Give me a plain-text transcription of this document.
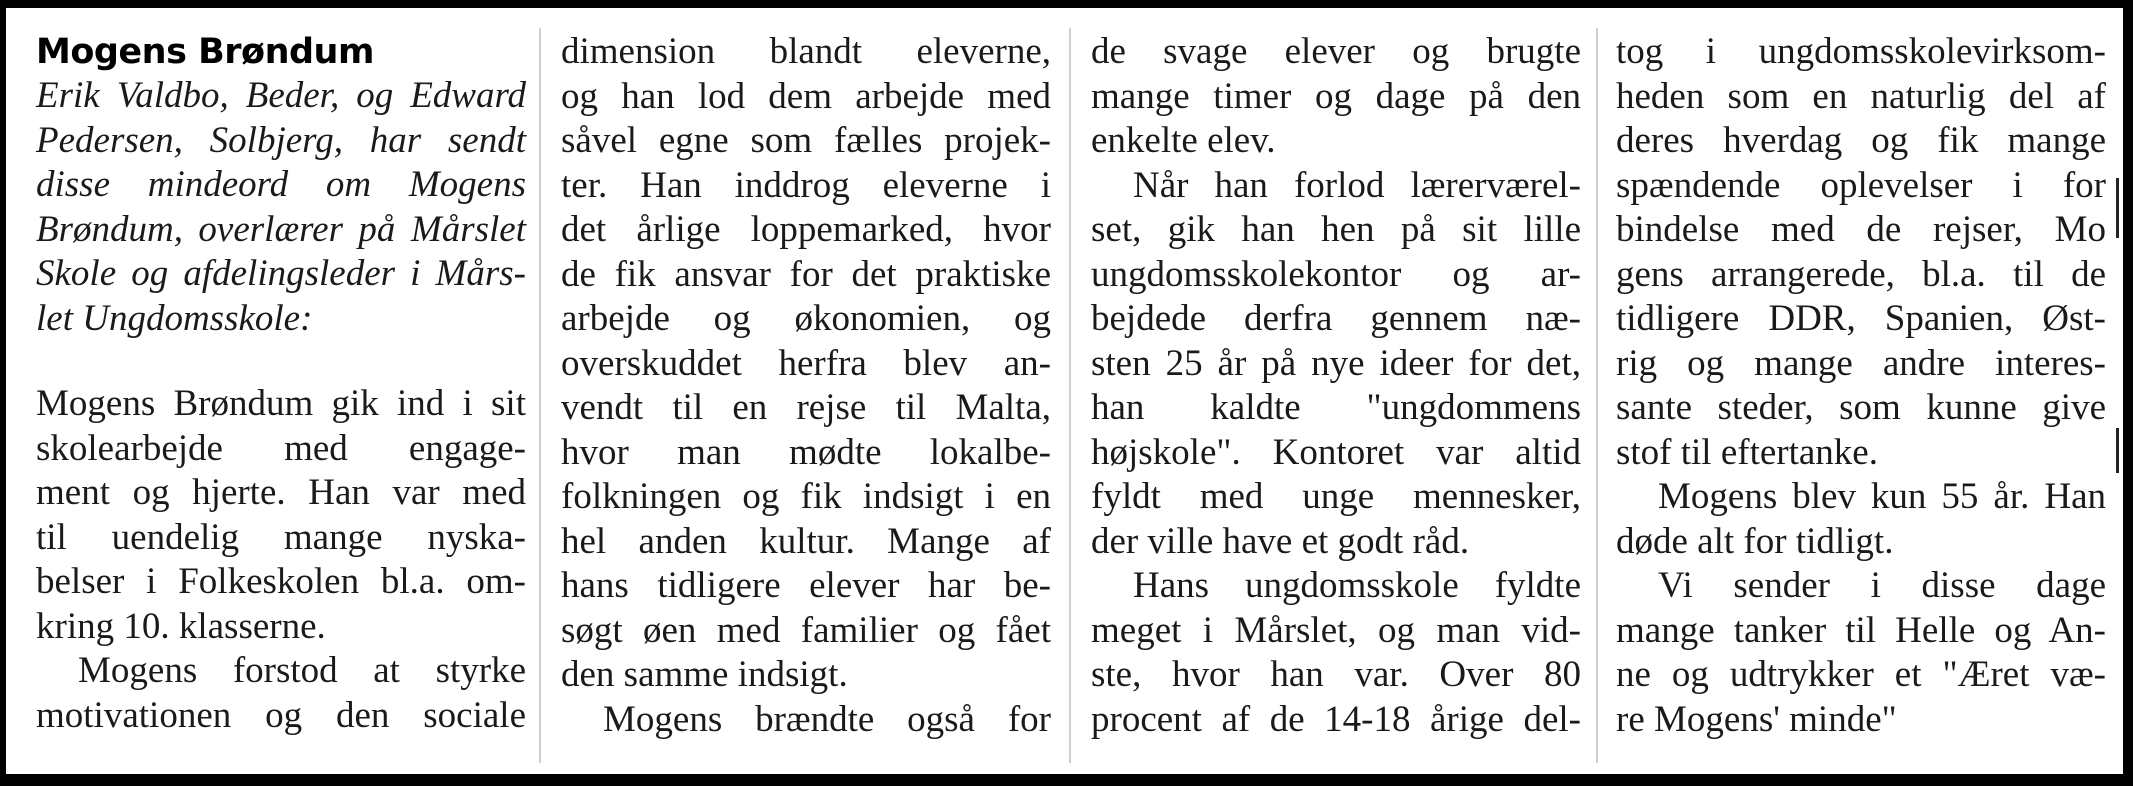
Mogens Brøndum
Erik Valdbo, Beder, og Edward
Pedersen, Solbjerg, har sendt
disse mindeord om Mogens
Brøndum, overlærer på Mårslet
Skole og afdelingsleder i Mårs-
let Ungdomsskole:
Mogens Brøndum gik ind i sit
skolearbejde med engage-
ment og hjerte. Han var med
til uendelig mange nyska-
belser i Folkeskolen bl.a. om-
kring 10. klasserne.
Mogens forstod at styrke
motivationen og den sociale
dimension blandt eleverne,
og han lod dem arbejde med
såvel egne som fælles projek-
ter. Han inddrog eleverne i
det årlige loppemarked, hvor
de fik ansvar for det praktiske
arbejde og økonomien, og
overskuddet herfra blev an-
vendt til en rejse til Malta,
hvor man mødte lokalbe-
folkningen og fik indsigt i en
hel anden kultur. Mange af
hans tidligere elever har be-
søgt øen med familier og fået
den samme indsigt.
Mogens brændte også for
de svage elever og brugte
mange timer og dage på den
enkelte elev.
Når han forlod lærerværel-
set, gik han hen på sit lille
ungdomsskolekontor og ar-
bejdede derfra gennem næ-
sten 25 år på nye ideer for det,
han kaldte "ungdommens
højskole". Kontoret var altid
fyldt med unge mennesker,
der ville have et godt råd.
Hans ungdomsskole fyldte
meget i Mårslet, og man vid-
ste, hvor han var. Over 80
procent af de 14-18 årige del-
tog i ungdomsskolevirksom-
heden som en naturlig del af
deres hverdag og fik mange
spændende oplevelser i for
bindelse med de rejser, Mo
gens arrangerede, bl.a. til de
tidligere DDR, Spanien, Øst-
rig og mange andre interes-
sante steder, som kunne give
stof til eftertanke.
Mogens blev kun 55 år. Han
døde alt for tidligt.
Vi sender i disse dage
mange tanker til Helle og An-
ne og udtrykker et "Æret væ-
re Mogens' minde"
